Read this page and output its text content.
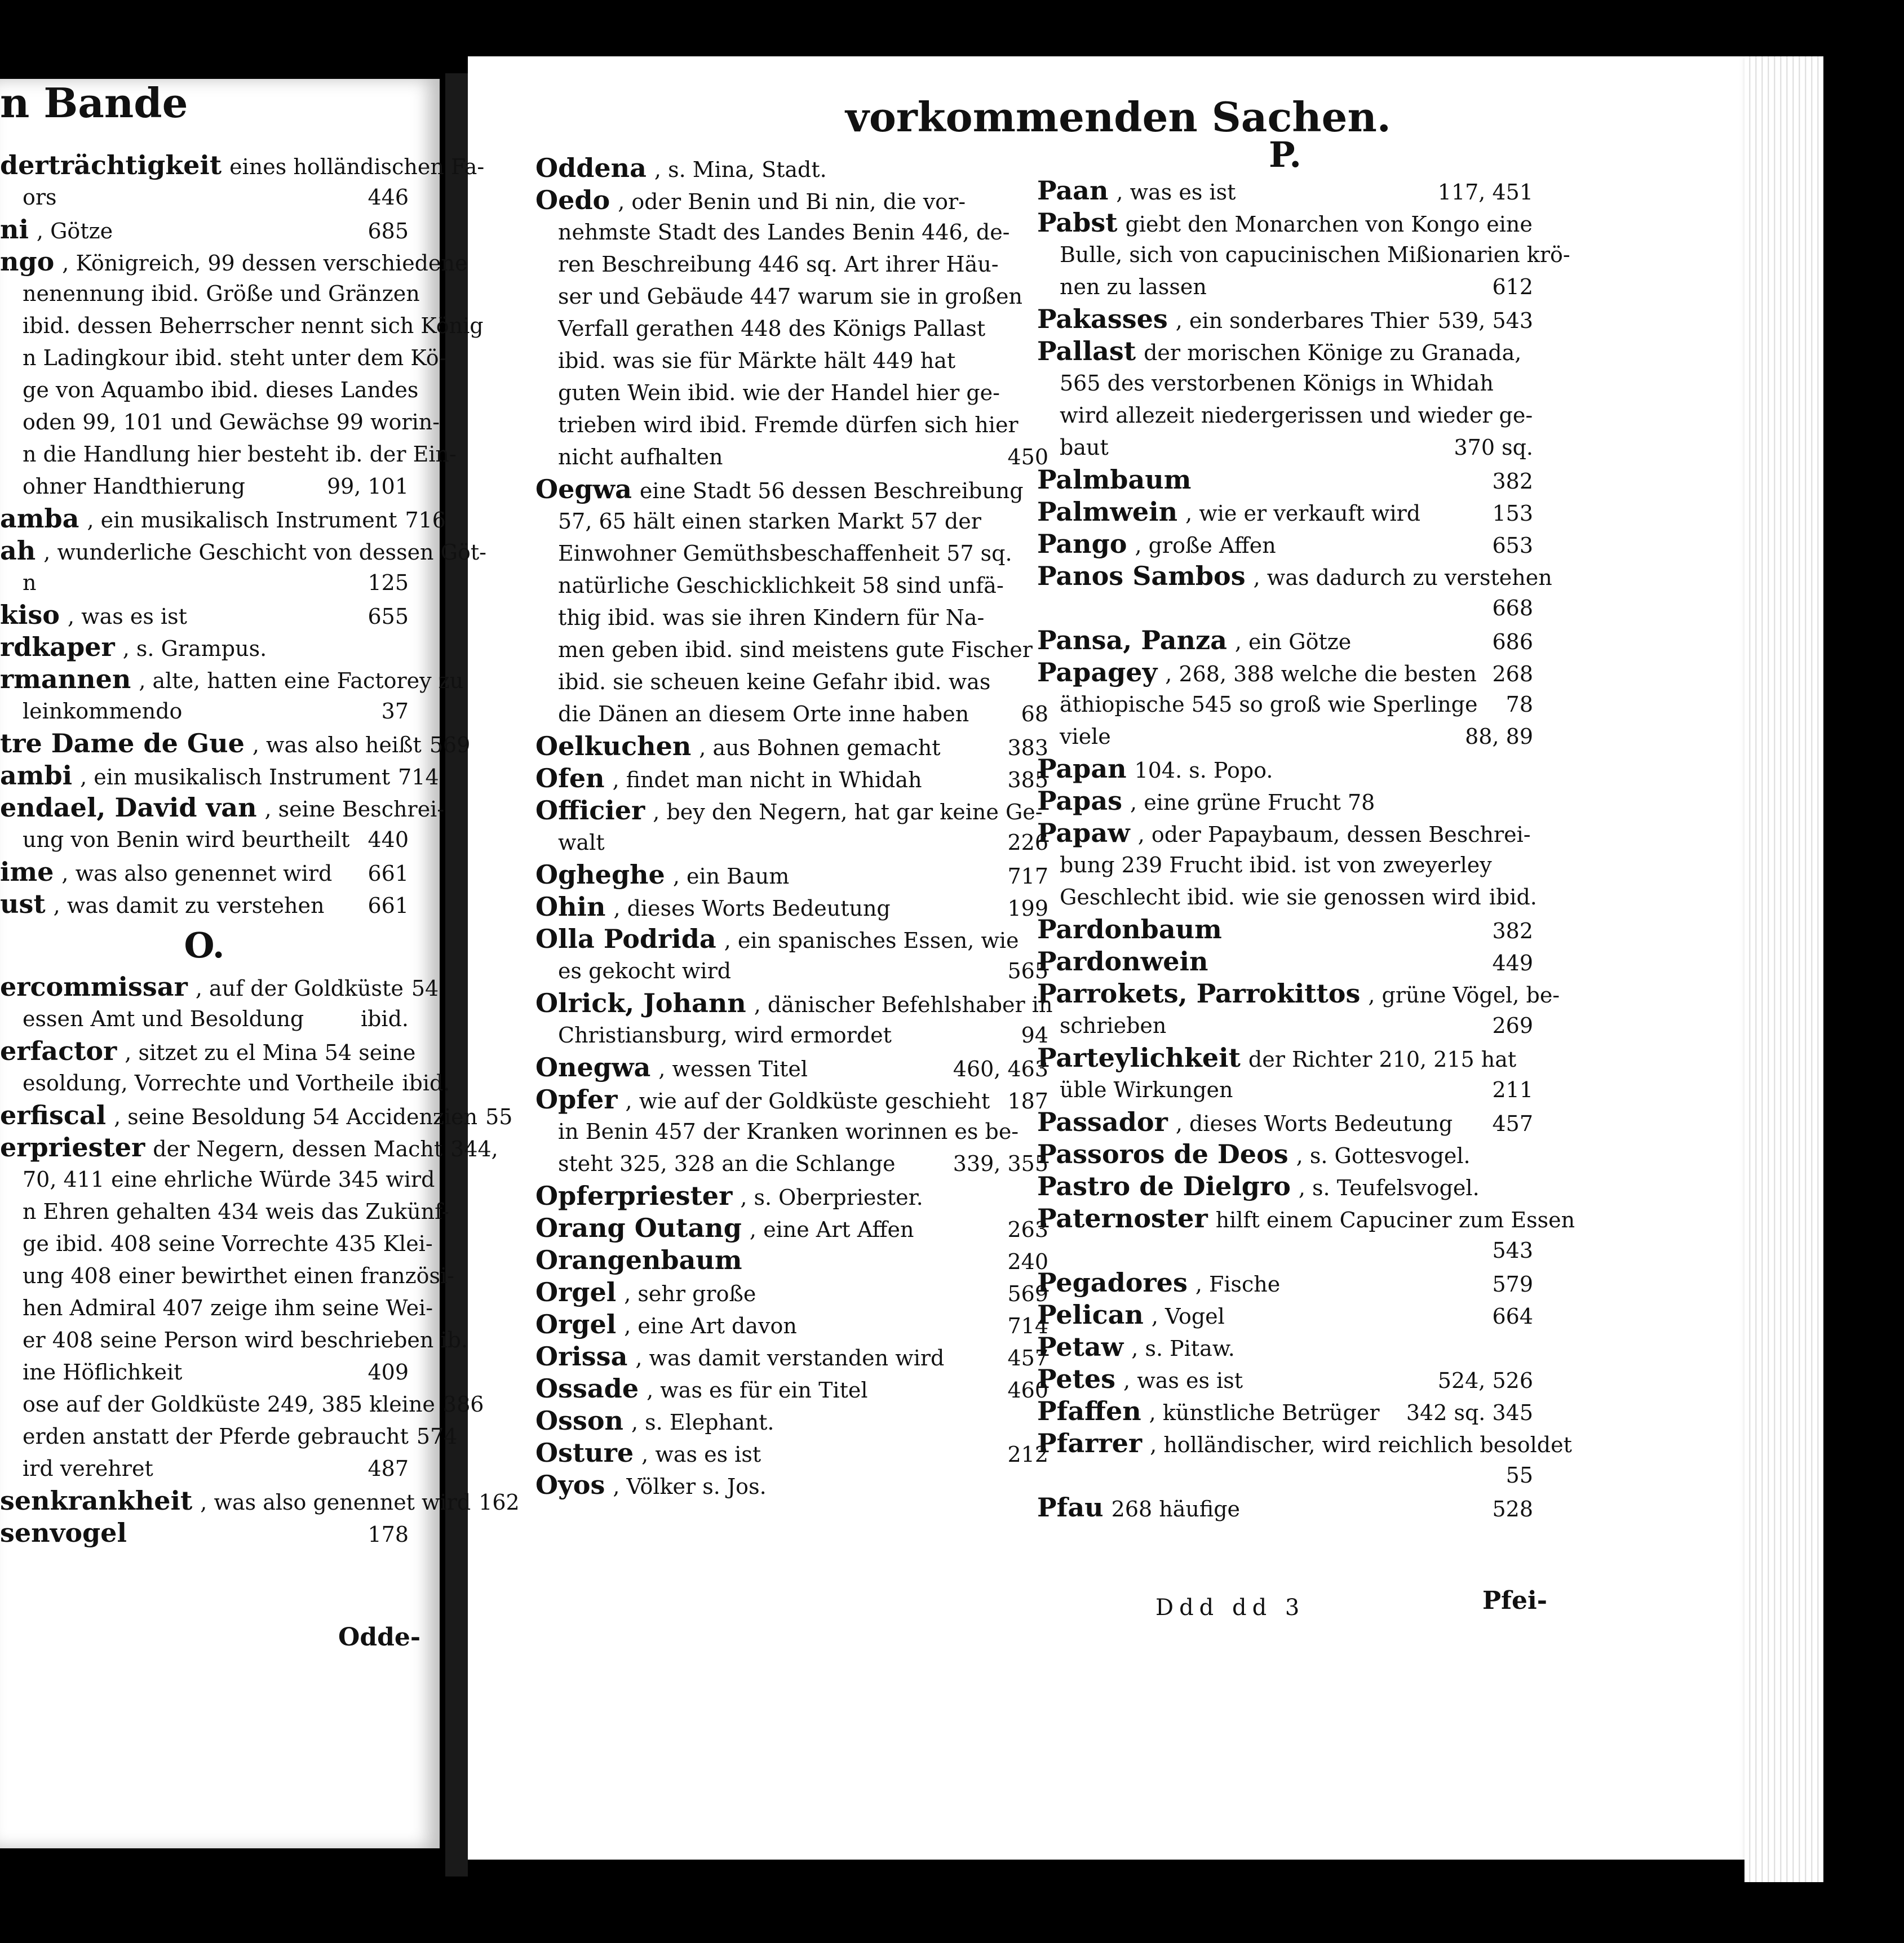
n Bande
derträchtigkeit eines holländischen Fa-
ors	446
ni , Götze	685
ngo , Königreich, 99 dessen verschiedene
nenennung ibid. Größe und Gränzen
ibid. dessen Beherrscher nennt sich König
n Ladingkour ibid. steht unter dem Kö-
ge von Aquambo ibid. dieses Landes
oden 99, 101 und Gewächse 99 worin-
n die Handlung hier besteht ib. der Ein-
ohner Handthierung	99, 101
amba , ein musikalisch Instrument 716
ah , wunderliche Geschicht von dessen Göt-
n	125
kiso , was es ist	655
rdkaper , s. Grampus.
rmannen , alte, hatten eine Factorey zu
leinkommendo	37
tre Dame de Gue , was also heißt 569
ambi , ein musikalisch Instrument 714
endael, David van , seine Beschrei-
ung von Benin wird beurtheilt 440
ime , was also genennet wird	661
ust , was damit zu verstehen	661
O.
ercommissar , auf der Goldküste 54
essen Amt und Besoldung	ibid.
erfactor , sitzet zu el Mina 54 seine
esoldung, Vorrechte und Vortheile ibid.
erfiscal , seine Besoldung 54 Accidenzien 55
erpriester der Negern, dessen Macht 344,
70, 411 eine ehrliche Würde 345 wird
n Ehren gehalten 434 weis das Zukünf-
ge ibid. 408 seine Vorrechte 435 Klei-
ung 408 einer bewirthet einen französi-
hen Admiral 407 zeige ihm seine Wei-
er 408 seine Person wird beschrieben ib.
ine Höflichkeit	409
ose auf der Goldküste 249, 385 kleine 386
erden anstatt der Pferde gebraucht 574
ird verehret	487
senkrankheit , was also genennet wird 162
senvogel	178
Odde-
vorkommenden Sachen.
Oddena , s. Mina, Stadt.
Oedo , oder Benin und Bi nin, die vor-
nehmste Stadt des Landes Benin 446, de-
ren Beschreibung 446 sq. Art ihrer Häu-
ser und Gebäude 447 warum sie in großen
Verfall gerathen 448 des Königs Pallast
ibid. was sie für Märkte hält 449 hat
guten Wein ibid. wie der Handel hier ge-
trieben wird ibid. Fremde dürfen sich hier
nicht aufhalten	450
Oegwa eine Stadt 56 dessen Beschreibung
57, 65 hält einen starken Markt 57 der
Einwohner Gemüthsbeschaffenheit 57 sq.
natürliche Geschicklichkeit 58 sind unfä-
thig ibid. was sie ihren Kindern für Na-
men geben ibid. sind meistens gute Fischer
ibid. sie scheuen keine Gefahr ibid. was
die Dänen an diesem Orte inne haben	68
Oelkuchen , aus Bohnen gemacht	383
Ofen , findet man nicht in Whidah	385
Officier , bey den Negern, hat gar keine Ge-
walt	226
Ogheghe , ein Baum	717
Ohin , dieses Worts Bedeutung	199
Olla Podrida , ein spanisches Essen, wie
es gekocht wird	565
Olrick, Johann , dänischer Befehlshaber in
Christiansburg, wird ermordet	94
Onegwa , wessen Titel	460, 463
Opfer , wie auf der Goldküste geschieht 187
in Benin 457 der Kranken worinnen es be-
steht 325, 328 an die Schlange	339, 355
Opferpriester , s. Oberpriester.
Orang Outang , eine Art Affen	263
Orangenbaum	240
Orgel , sehr große	569
Orgel , eine Art davon	714
Orissa , was damit verstanden wird	457
Ossade , was es für ein Titel	460
Osson , s. Elephant.
Osture , was es ist	212
Oyos , Völker s. Jos.
P.
Paan , was es ist	117, 451
Pabst giebt den Monarchen von Kongo eine
Bulle, sich von capucinischen Mißionarien krö-
nen zu lassen	612
Pakasses , ein sonderbares Thier 539, 543
Pallast der morischen Könige zu Granada,
565 des verstorbenen Königs in Whidah
wird allezeit niedergerissen und wieder ge-
baut	370 sq.
Palmbaum	382
Palmwein , wie er verkauft wird	153
Pango , große Affen	653
Panos Sambos , was dadurch zu verstehen
668
Pansa, Panza , ein Götze	686
Papagey , 268, 388 welche die besten 268
äthiopische 545 so groß wie Sperlinge	78
viele	88, 89
Papan 104. s. Popo.
Papas , eine grüne Frucht 78
Papaw , oder Papaybaum, dessen Beschrei-
bung 239 Frucht ibid. ist von zweyerley
Geschlecht ibid. wie sie genossen wird ibid.
Pardonbaum	382
Pardonwein	449
Parrokets, Parrokittos , grüne Vögel, be-
schrieben	269
Parteylichkeit der Richter 210, 215 hat
üble Wirkungen	211
Passador , dieses Worts Bedeutung	457
Passoros de Deos , s. Gottesvogel.
Pastro de Dielgro , s. Teufelsvogel.
Paternoster hilft einem Capuciner zum Essen
543
Pegadores , Fische	579
Pelican , Vogel	664
Petaw , s. Pitaw.
Petes , was es ist	524, 526
Pfaffen , künstliche Betrüger	342 sq. 345
Pfarrer , holländischer, wird reichlich besoldet
55
Pfau 268 häufige	528
Ddd dd 3	Pfei-
